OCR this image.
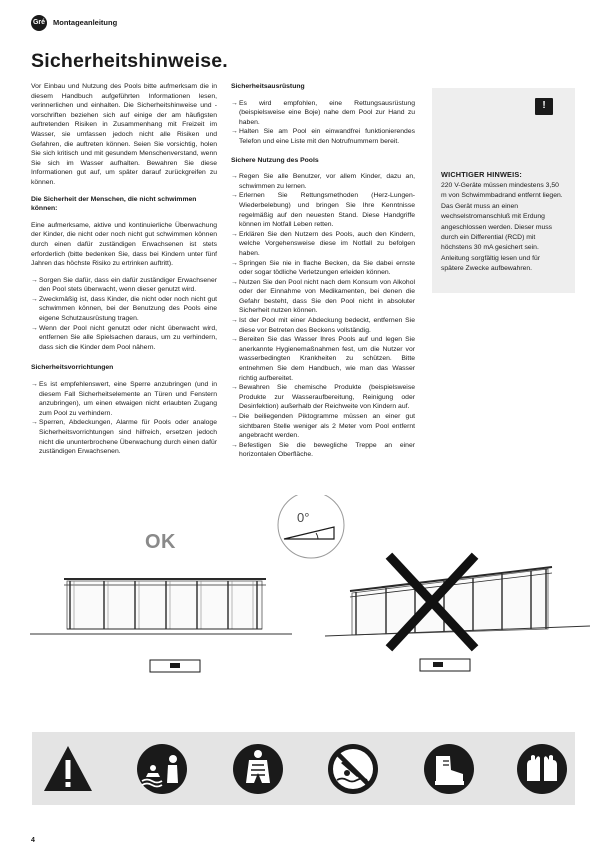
Gré Montageanleitung
Sicherheitshinweise.

Vor Einbau und Nutzung des Pools bitte aufmerksam die in diesem Handbuch aufgeführten Informationen lesen, verinnerlichen und einhalten. Die Sicherheitshinweise und -vorschriften beziehen sich auf einige der am häufigsten auftretenden Risiken in Zusammenhang mit Freizeit im Wasser, sie umfassen jedoch nicht alle Risiken und Gefahren, die auftreten können. Seien Sie vorsichtig, holen Sie sich kritisch und mit gesundem Menschenverstand, wenn Sie sich im Wasser aufhalten. Bewahren Sie diese Informationen gut auf, um später darauf zurückgreifen zu können.

Die Sicherheit der Menschen, die nicht schwimmen können:

Eine aufmerksame, aktive und kontinuierliche Überwachung der Kinder, die nicht oder noch nicht gut schwimmen können durch einen dafür zuständigen Erwachsenen ist stets erforderlich (bitte bedenken Sie, dass bei Kindern unter fünf Jahren das höchste Risiko zu ertrinken auftritt).

→ Sorgen Sie dafür, dass ein dafür zuständiger Erwachsener den Pool stets überwacht, wenn dieser genutzt wird.
→ Zweckmäßig ist, dass Kinder, die nicht oder noch nicht gut schwimmen können, bei der Benutzung des Pools eine eigene Schutzausrüstung tragen.
→ Wenn der Pool nicht genutzt oder nicht überwacht wird, entfernen Sie alle Spielsachen daraus, um zu verhindern, dass sich die Kinder dem Pool nähern.
Sicherheitsvorrichtungen
→ Es ist empfehlenswert, eine Sperre anzubringen (und in diesem Fall Sicherheitselemente an Türen und Fenstern anzubringen), um einen etwaigen nicht erlaubten Zugang zum Pool zu verhindern.
→ Sperren, Abdeckungen, Alarme für Pools oder analoge Sicherheitsvorrichtungen sind hilfreich, ersetzen jedoch nicht die ununterbrochene Überwachung durch einen dafür zuständigen Erwachsenen.
Sicherheitsausrüstung
→ Es wird empfohlen, eine Rettungsausrüstung (beispielsweise eine Boje) nahe dem Pool zur Hand zu haben.
→ Halten Sie am Pool ein einwandfrei funktionierendes Telefon und eine Liste mit den Notrufnummern bereit.
Sichere Nutzung des Pools
→ Regen Sie alle Benutzer, vor allem Kinder, dazu an, schwimmen zu lernen.
→ Erlernen Sie Rettungsmethoden (Herz-Lungen-Wiederbelebung) und bringen Sie Ihre Kenntnisse regelmäßig auf den neuesten Stand. Diese Handgriffe können im Notfall Leben retten.
→ Erklären Sie den Nutzern des Pools, auch den Kindern, welche Vorgehensweise diese im Notfall zu befolgen haben.
→ Springen Sie nie in flache Becken, da Sie dabei ernste oder sogar tödliche Verletzungen erleiden können.
→ Nutzen Sie den Pool nicht nach dem Konsum von Alkohol oder der Einnahme von Medikamenten, bei denen die Gefahr besteht, dass Sie den Pool nicht in absoluter Sicherheit nutzen können.
→ Ist der Pool mit einer Abdeckung bedeckt, entfernen Sie diese vor Betreten des Beckens vollständig.
→ Bereiten Sie das Wasser Ihres Pools auf und legen Sie anerkannte Hygienemaßnahmen fest, um die Nutzer vor wasserbedingten Krankheiten zu schützen. Bitte entnehmen Sie dem Handbuch, wie man das Wasser richtig aufbereitet.
→ Bewahren Sie chemische Produkte (beispielsweise Produkte zur Wasseraufbereitung, Reinigung oder Desinfektion) außerhalb der Reichweite von Kindern auf.
→ Die beiliegenden Piktogramme müssen an einer gut sichtbaren Stelle weniger als 2 Meter vom Pool entfernt angebracht werden.
→ Befestigen Sie die bewegliche Treppe an einer horizontalen Oberfläche.
!
WICHTIGER HINWEIS:
220 V-Geräte müssen mindestens 3,50 m von Schwimmbadrand entfernt liegen. Das Gerät muss an einen wechselstromanschluß mit Erdung angeschlossen werden. Dieser muss durch ein Differential (RCD) mit höchstens 30 mA gesichert sein. Anleitung sorgfältig lesen und für spätere Zwecke aufbewahren.
OK
0°
4
